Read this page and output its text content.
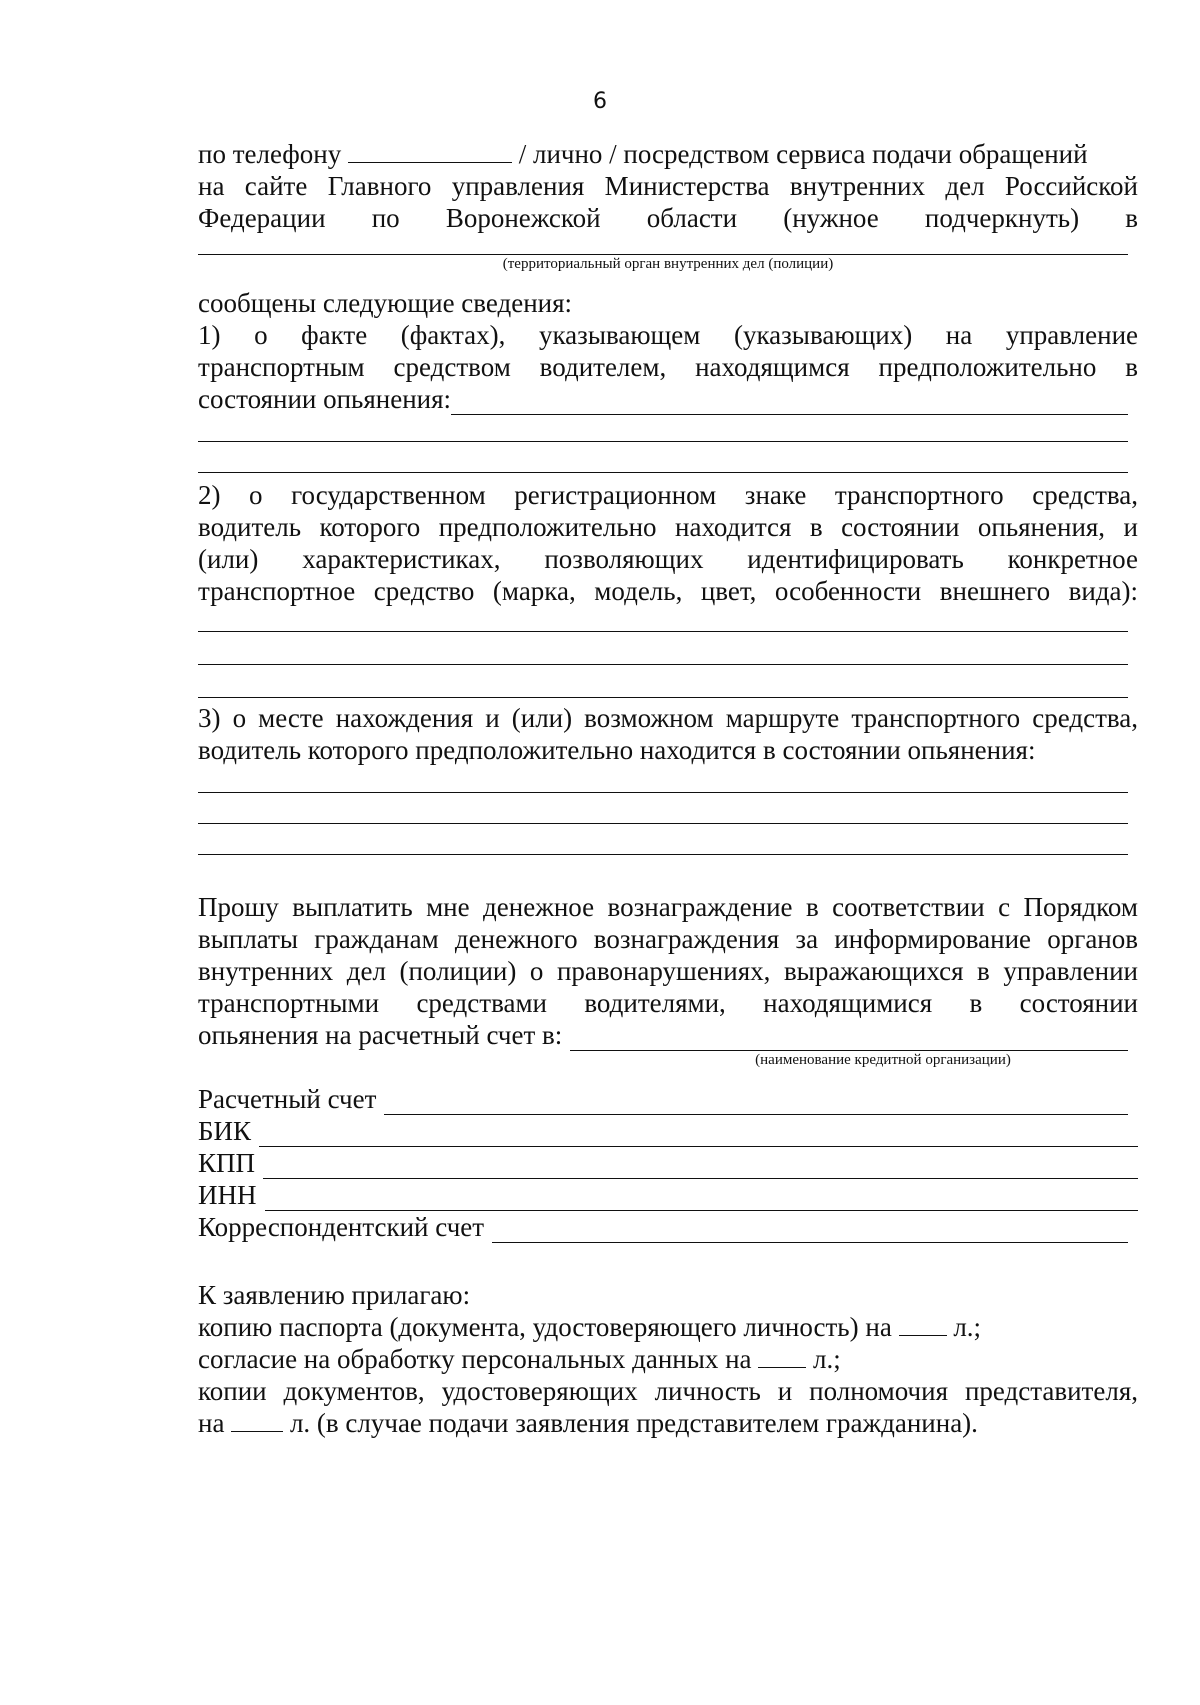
6
по телефону	/ лично / посредством сервиса подачи обращений
на сайте Главного управления Министерства внутренних дел Российской
Федерации по Воронежской области (нужное подчеркнуть) в
(территориальный орган внутренних дел (полиции)
сообщены следующие сведения:
1) о факте (фактах), указывающем (указывающих) на управление
транспортным средством водителем, находящимся предположительно в
состоянии опьянения:
2) о государственном регистрационном знаке транспортного средства,
водитель которого предположительно находится в состоянии опьянения, и
(или) характеристиках, позволяющих идентифицировать конкретное
транспортное средство (марка, модель, цвет, особенности внешнего вида):
3) о месте нахождения и (или) возможном маршруте транспортного средства,
водитель которого предположительно находится в состоянии опьянения:
Прошу выплатить мне денежное вознаграждение в соответствии с Порядком
выплаты гражданам денежного вознаграждения за информирование органов
внутренних дел (полиции) о правонарушениях, выражающихся в управлении
транспортными средствами водителями, находящимися в состоянии
опьянения на расчетный счет в:
(наименование кредитной организации)
Расчетный счет
БИК
КПП
ИНН
Корреспондентский счет
К заявлению прилагаю:
копию паспорта (документа, удостоверяющего личность) на л.;
согласие на обработку персональных данных на л.;
копии документов, удостоверяющих личность и полномочия представителя,
на л. (в случае подачи заявления представителем гражданина).
